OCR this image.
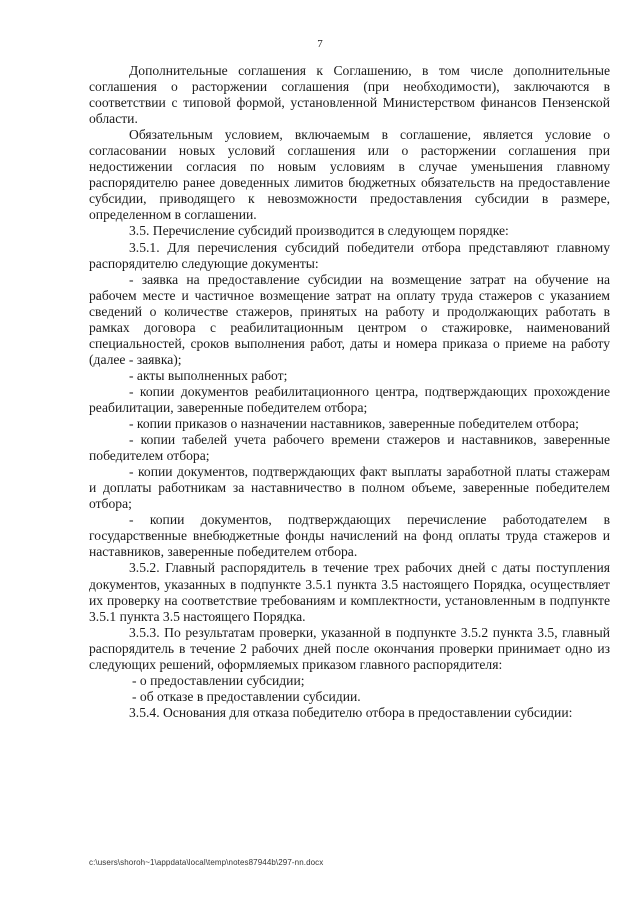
7

Дополнительные соглашения к Соглашению, в том числе дополнительные соглашения о расторжении соглашения (при необходимости), заключаются в соответствии с типовой формой, установленной Министерством финансов Пензенской области.

Обязательным условием, включаемым в соглашение, является условие о согласовании новых условий соглашения или о расторжении соглашения при недостижении согласия по новым условиям в случае уменьшения главному распорядителю ранее доведенных лимитов бюджетных обязательств на предоставление субсидии, приводящего к невозможности предоставления субсидии в размере, определенном в соглашении.

3.5. Перечисление субсидий производится в следующем порядке:

3.5.1. Для перечисления субсидий победители отбора представляют главному распорядителю следующие документы:

- заявка на предоставление субсидии на возмещение затрат на обучение на рабочем месте и частичное возмещение затрат на оплату труда стажеров с указанием сведений о количестве стажеров, принятых на работу и продолжающих работать в рамках договора с реабилитационным центром о стажировке, наименований специальностей, сроков выполнения работ, даты и номера приказа о приеме на работу (далее - заявка);

- акты выполненных работ;

- копии документов реабилитационного центра, подтверждающих прохождение реабилитации, заверенные победителем отбора;

- копии приказов о назначении наставников, заверенные победителем отбора;

- копии табелей учета рабочего времени стажеров и наставников, заверенные победителем отбора;

- копии документов, подтверждающих факт выплаты заработной платы стажерам и доплаты работникам за наставничество в полном объеме, заверенные победителем отбора;

- копии документов, подтверждающих перечисление работодателем в государственные внебюджетные фонды начислений на фонд оплаты труда стажеров и наставников, заверенные победителем отбора.

3.5.2. Главный распорядитель в течение трех рабочих дней с даты поступления документов, указанных в подпункте 3.5.1 пункта 3.5 настоящего Порядка, осуществляет их проверку на соответствие требованиям и комплектности, установленным в подпункте 3.5.1 пункта 3.5 настоящего Порядка.

3.5.3. По результатам проверки, указанной в подпункте 3.5.2 пункта 3.5, главный распорядитель в течение 2 рабочих дней после окончания проверки принимает одно из следующих решений, оформляемых приказом главного распорядителя:

- о предоставлении субсидии;

- об отказе в предоставлении субсидии.

3.5.4. Основания для отказа победителю отбора в предоставлении субсидии:

c:\users\shoroh~1\appdata\local\temp\notes87944b\297-nn.docx
